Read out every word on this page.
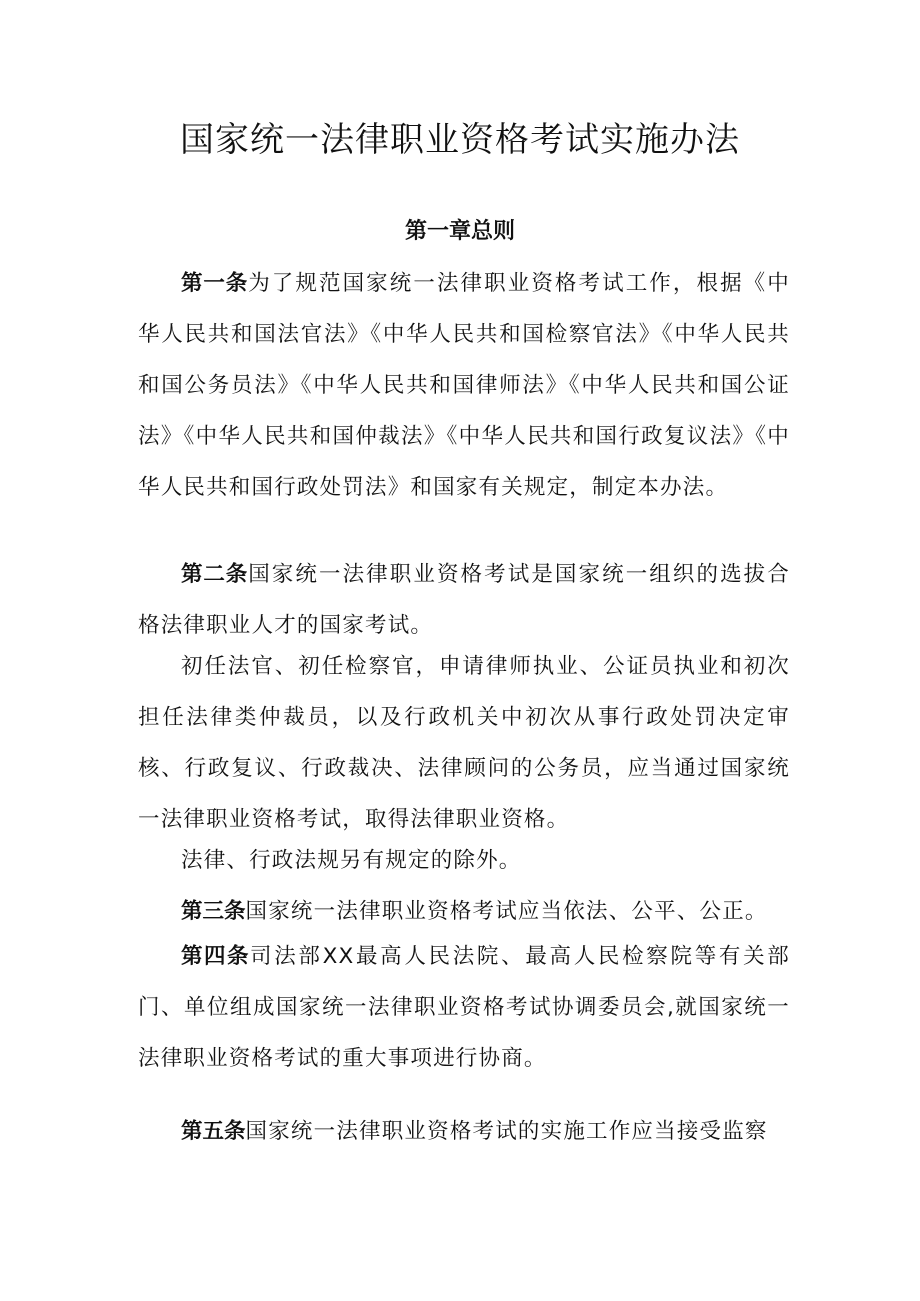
国家统一法律职业资格考试实施办法
第一章总则

第一条为了规范国家统一法律职业资格考试工作，根据《中华人民共和国法官法》《中华人民共和国检察官法》《中华人民共和国公务员法》《中华人民共和国律师法》《中华人民共和国公证法》《中华人民共和国仲裁法》《中华人民共和国行政复议法》《中华人民共和国行政处罚法》和国家有关规定，制定本办法。

第二条国家统一法律职业资格考试是国家统一组织的选拔合格法律职业人才的国家考试。

初任法官、初任检察官，申请律师执业、公证员执业和初次担任法律类仲裁员，以及行政机关中初次从事行政处罚决定审核、行政复议、行政裁决、法律顾问的公务员，应当通过国家统一法律职业资格考试，取得法律职业资格。

法律、行政法规另有规定的除外。

第三条国家统一法律职业资格考试应当依法、公平、公正。

第四条司法部XX最高人民法院、最高人民检察院等有关部门、单位组成国家统一法律职业资格考试协调委员会,就国家统一法律职业资格考试的重大事项进行协商。

第五条国家统一法律职业资格考试的实施工作应当接受监察
